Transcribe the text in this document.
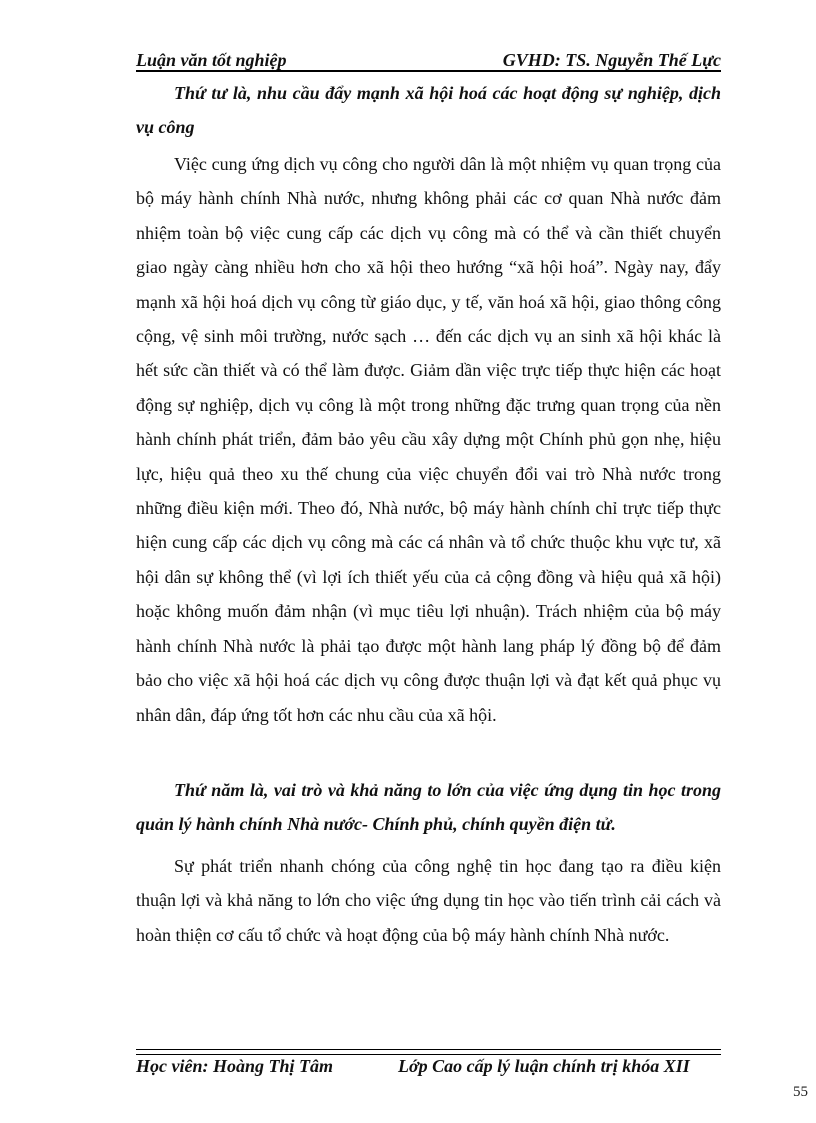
Luận văn tốt nghiệp	GVHD: TS. Nguyễn Thế Lực

Thứ tư là, nhu cầu đẩy mạnh xã hội hoá các hoạt động sự nghiệp, dịch vụ công

Việc cung ứng dịch vụ công cho người dân là một nhiệm vụ quan trọng của bộ máy hành chính Nhà nước, nhưng không phải các cơ quan Nhà nước đảm nhiệm toàn bộ việc cung cấp các dịch vụ công mà có thể và cần thiết chuyển giao ngày càng nhiều hơn cho xã hội theo hướng “xã hội hoá”. Ngày nay, đẩy mạnh xã hội hoá dịch vụ công từ giáo dục, y tế, văn hoá xã hội, giao thông công cộng, vệ sinh môi trường, nước sạch … đến các dịch vụ an sinh xã hội khác là hết sức cần thiết và có thể làm được. Giảm dần việc trực tiếp thực hiện các hoạt động sự nghiệp, dịch vụ công là một trong những đặc trưng quan trọng của nền hành chính phát triển, đảm bảo yêu cầu xây dựng một Chính phủ gọn nhẹ, hiệu lực, hiệu quả theo xu thế chung của việc chuyển đổi vai trò Nhà nước trong những điều kiện mới. Theo đó, Nhà nước, bộ máy hành chính chỉ trực tiếp thực hiện cung cấp các dịch vụ công mà các cá nhân và tổ chức thuộc khu vực tư, xã hội dân sự không thể (vì lợi ích thiết yếu của cả cộng đồng và hiệu quả xã hội) hoặc không muốn đảm nhận (vì mục tiêu lợi nhuận). Trách nhiệm của bộ máy hành chính Nhà nước là phải tạo được một hành lang pháp lý đồng bộ để đảm bảo cho việc xã hội hoá các dịch vụ công được thuận lợi và đạt kết quả phục vụ nhân dân, đáp ứng tốt hơn các nhu cầu của xã hội.

Thứ năm là, vai trò và khả năng to lớn của việc ứng dụng tin học trong quản lý hành chính Nhà nước- Chính phủ, chính quyền điện tử.

Sự phát triển nhanh chóng của công nghệ tin học đang tạo ra điều kiện thuận lợi và khả năng to lớn cho việc ứng dụng tin học vào tiến trình cải cách và hoàn thiện cơ cấu tổ chức và hoạt động của bộ máy hành chính Nhà nước.

Học viên: Hoàng Thị Tâm	Lớp Cao cấp lý luận chính trị khóa XII
55
